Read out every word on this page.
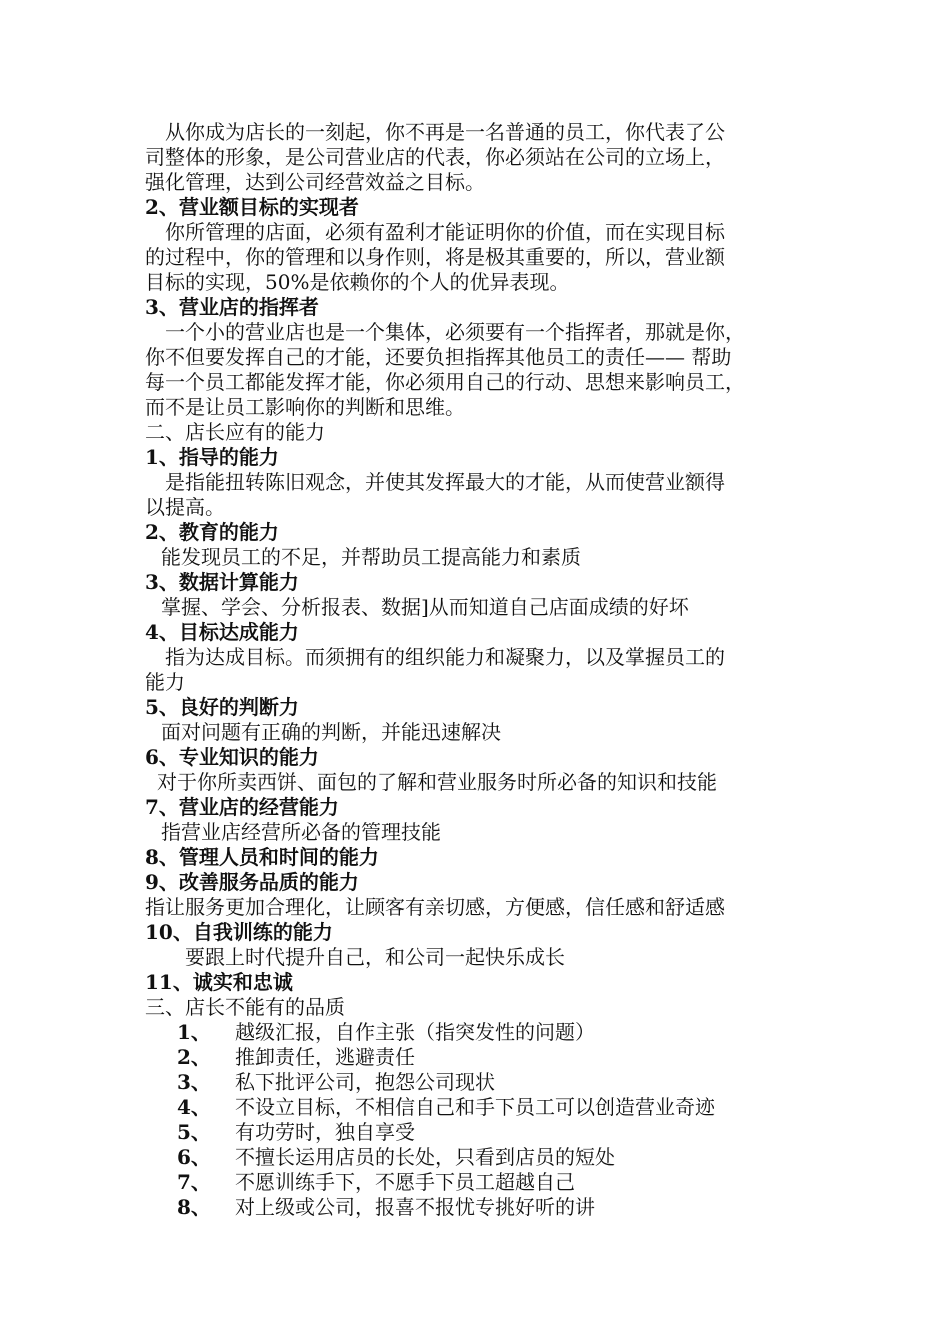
从你成为店长的一刻起，你不再是一名普通的员工，你代表了公
司整体的形象，是公司营业店的代表，你必须站在公司的立场上，
强化管理，达到公司经营效益之目标。
2、营业额目标的实现者
你所管理的店面，必须有盈利才能证明你的价值，而在实现目标
的过程中，你的管理和以身作则，将是极其重要的，所以，营业额
目标的实现，50%是依赖你的个人的优异表现。
3、营业店的指挥者
一个小的营业店也是一个集体，必须要有一个指挥者，那就是你，
你不但要发挥自己的才能，还要负担指挥其他员工的责任—— 帮助
每一个员工都能发挥才能，你必须用自己的行动、思想来影响员工，
而不是让员工影响你的判断和思维。
二、店长应有的能力
1、指导的能力
是指能扭转陈旧观念，并使其发挥最大的才能，从而使营业额得
以提高。
2、教育的能力
能发现员工的不足，并帮助员工提高能力和素质
3、数据计算能力
掌握、学会、分析报表、数据]从而知道自己店面成绩的好坏
4、目标达成能力
指为达成目标。而须拥有的组织能力和凝聚力，以及掌握员工的
能力
5、良好的判断力
面对问题有正确的判断，并能迅速解决
6、专业知识的能力
对于你所卖西饼、面包的了解和营业服务时所必备的知识和技能
7、营业店的经营能力
指营业店经营所必备的管理技能
8、管理人员和时间的能力
9、改善服务品质的能力
指让服务更加合理化，让顾客有亲切感，方便感，信任感和舒适感
10、自我训练的能力
要跟上时代提升自己，和公司一起快乐成长
11、诚实和忠诚
三、店长不能有的品质
1、	越级汇报，自作主张（指突发性的问题）
2、	推卸责任，逃避责任
3、	私下批评公司，抱怨公司现状
4、	不设立目标，不相信自己和手下员工可以创造营业奇迹
5、	有功劳时，独自享受
6、	不擅长运用店员的长处，只看到店员的短处
7、	不愿训练手下，不愿手下员工超越自己
8、	对上级或公司，报喜不报忧专挑好听的讲
